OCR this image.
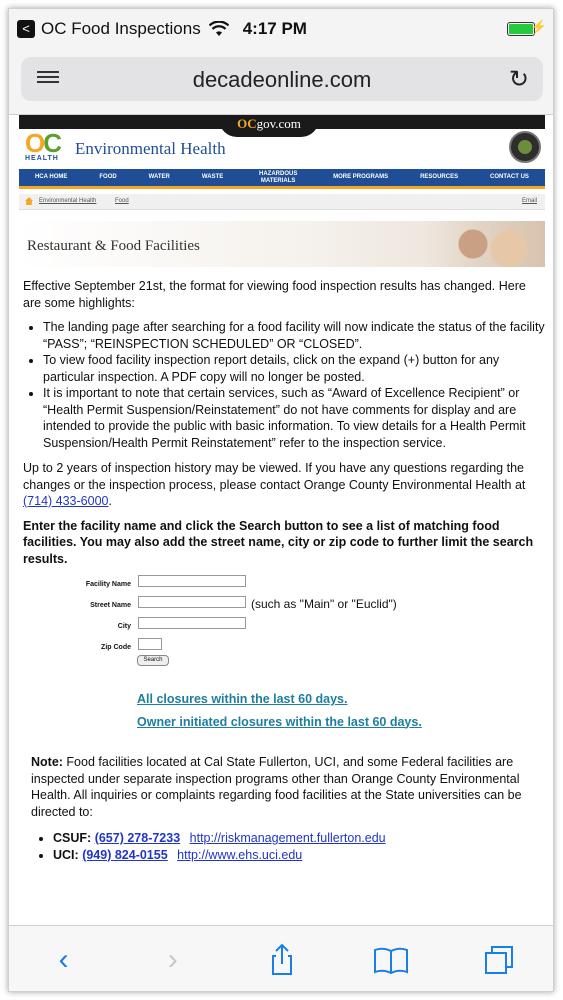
< OC Food Inspections 4:17 PM	⚡
decadeonline.com	↻
OCgov.com
OC
HEALTH
Environmental Health
HCA HOME	FOOD	WATER	WASTE
HAZARDOUS MATERIALS
MORE PROGRAMS	RESOURCES	CONTACT US
Environmental Health	Food	Email
Restaurant & Food Facilities

Effective September 21st, the format for viewing food inspection results has changed. Here are some highlights:

• The landing page after searching for a food facility will now indicate the status of the facility “PASS”; “REINSPECTION SCHEDULED” OR “CLOSED”.
• To view food facility inspection report details, click on the expand (+) button for any particular inspection. A PDF copy will no longer be posted.
• It is important to note that certain services, such as “Award of Excellence Recipient” or “Health Permit Suspension/Reinstatement” do not have comments for display and are intended to provide the public with basic information. To view details for a Health Permit Suspension/Health Permit Reinstatement” refer to the inspection service.

Up to 2 years of inspection history may be viewed. If you have any questions regarding the changes or the inspection process, please contact Orange County Environmental Health at (714) 433-6000.

Enter the facility name and click the Search button to see a list of matching food facilities. You may also add the street name, city or zip code to further limit the search results.

Facility Name
Street Name	(such as "Main" or "Euclid")
City
Zip Code
Search
All closures within the last 60 days.
Owner initiated closures within the last 60 days.

Note: Food facilities located at Cal State Fullerton, UCI, and some Federal facilities are inspected under separate inspection programs other than Orange County Environmental Health. All inquiries or complaints regarding food facilities at the State universities can be directed to:

• CSUF: (657) 278-7233 http://riskmanagement.fullerton.edu
• UCI: (949) 824-0155 http://www.ehs.uci.edu
‹	›
